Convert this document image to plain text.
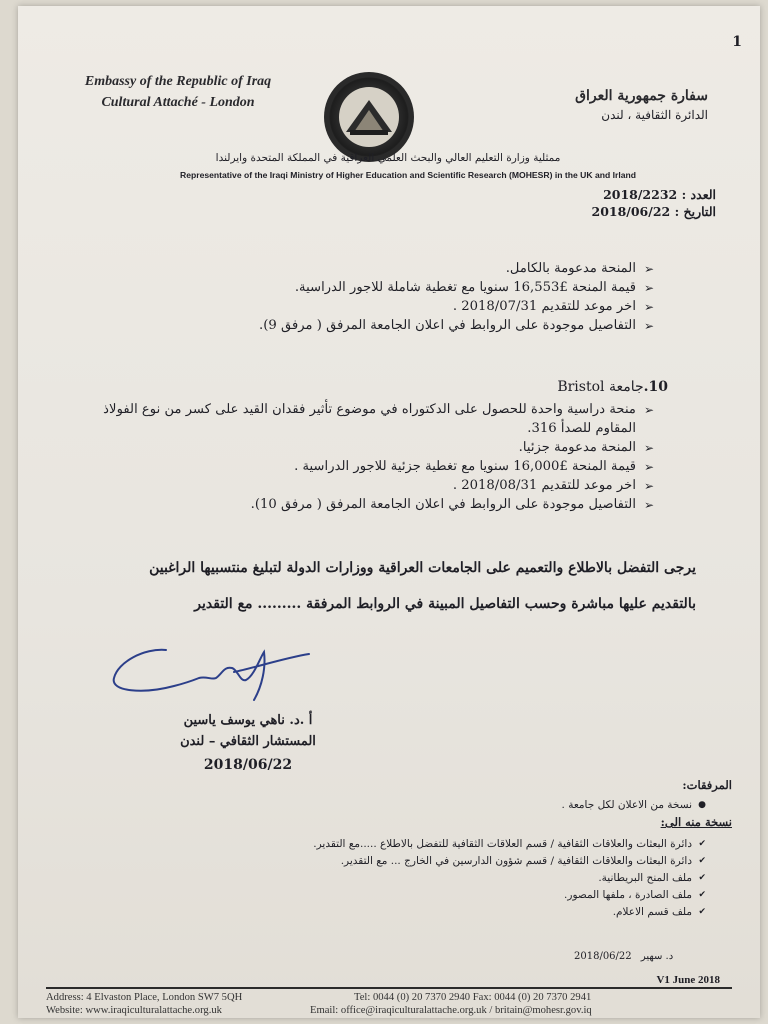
1
Embassy of the Republic of Iraq
Cultural Attaché - London	سفارة جمهورية العراق
الدائرة الثقافية ، لندن
ممثلية وزارة التعليم العالي والبحث العلمي العراقية في المملكة المتحدة وايرلندا
Representative of the Iraqi Ministry of Higher Education and Scientific Research (MOHESR) in the UK and Irland
العدد : 2018/2232
التاريخ : 2018/06/22
➢
المنحة مدعومة بالكامل.
➢
قيمة المنحة £16,553 سنويا مع تغطية شاملة للاجور الدراسية.
➢
اخر موعد للتقديم 2018/07/31 .
➢
التفاصيل موجودة على الروابط في اعلان الجامعة المرفق ( مرفق 9).
10.جامعة Bristol
➢
منحة دراسية واحدة للحصول على الدكتوراه في موضوع تأثير فقدان القيد على كسر من نوع الفولاذ المقاوم للصدأ 316.
➢
المنحة مدعومة جزئيا.
➢
قيمة المنحة £16,000 سنويا مع تغطية جزئية للاجور الدراسية .
➢
اخر موعد للتقديم 2018/08/31 .
➢
التفاصيل موجودة على الروابط في اعلان الجامعة المرفق ( مرفق 10).
يرجى التفضل بالاطلاع والتعميم على الجامعات العراقية ووزارات الدولة لتبليغ منتسبيها الراغبين
بالتقديم عليها مباشرة وحسب التفاصيل المبينة في الروابط المرفقة ......... مع التقدير
أ .د. ناهي يوسف ياسين
المستشار الثقافي – لندن
2018/06/22
المرفقات:
●
نسخة من الاعلان لكل جامعة .
نسخة منه الى:
✔
دائرة البعثات والعلاقات الثقافية / قسم العلاقات الثقافية للتفضل بالاطلاع .....مع التقدير.
✔
دائرة البعثات والعلاقات الثقافية / قسم شؤون الدارسين في الخارج ... مع التقدير.
✔
ملف المنح البريطانية.
✔
ملف الصادرة ، ملفها المصور.
✔
ملف قسم الاعلام.
2018/06/22 د. سهير
V1 June 2018
Address: 4 Elvaston Place, London SW7 5QH	Tel: 0044 (0) 20 7370 2940 Fax: 0044 (0) 20 7370 2941
Website: www.iraqiculturalattache.org.uk	Email: office@iraqiculturalattache.org.uk / britain@mohesr.gov.iq
